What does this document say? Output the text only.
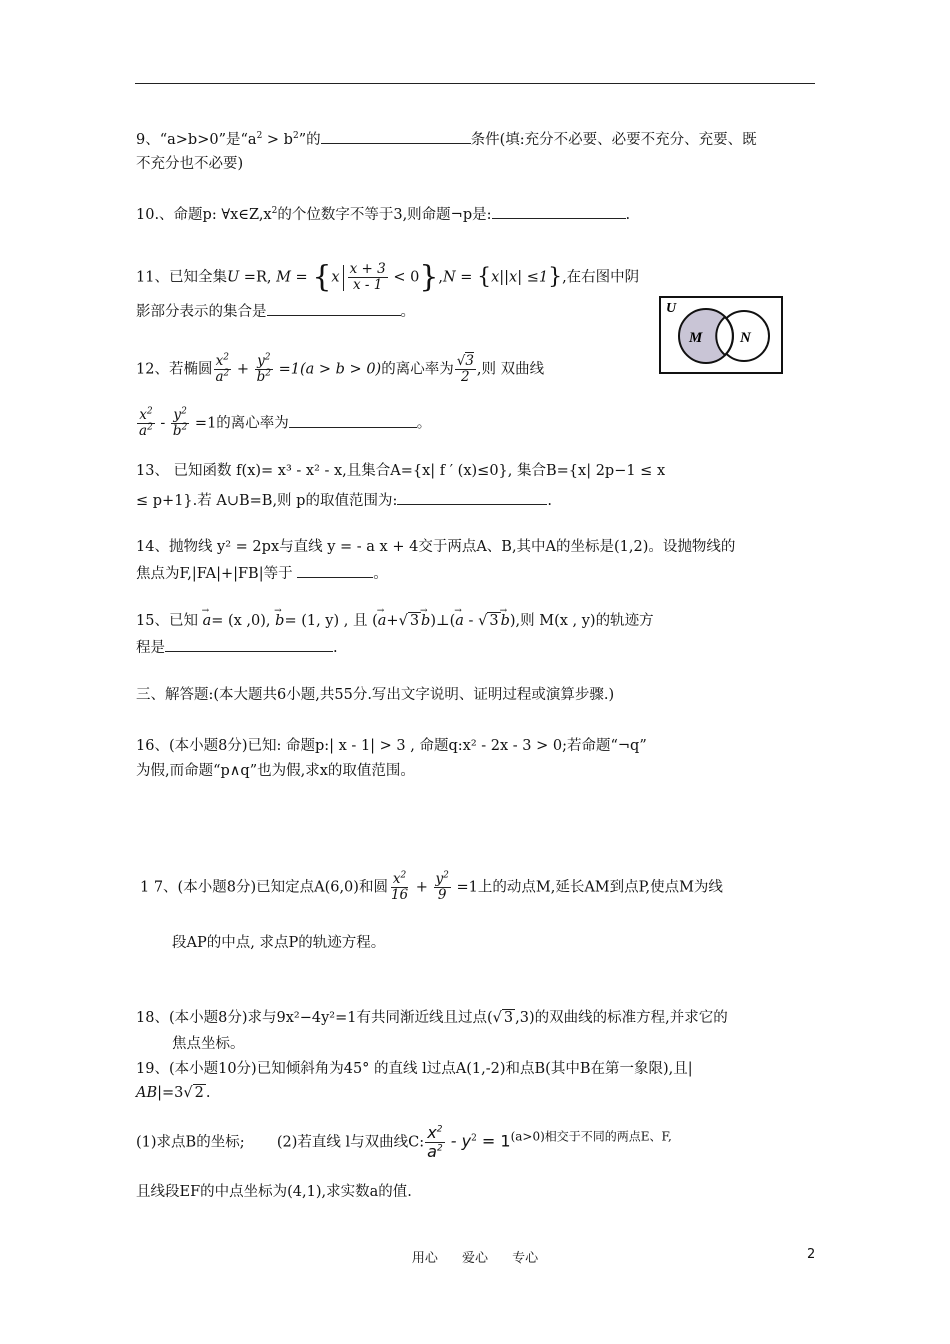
9、“a>b>0”是“$a^2 > b^2$”的	条件(填:充分不必要、必要不充分、充要、既
不充分也不必要)
10.、命题p: $\forall x\in Z,x^2$的个位数字不等于3,则命题¬p是:	.
11、已知全集U =R, $M = \{x \frac{x + 3}{x - 1} < 0\},N = \{x||x| \le 1\}$,在右图中阴
影部分表示的集合是	。	U
M	N
12、若椭圆 $\frac{x^2}{a^2} + \frac{y^2}{b^2} =1(a > b > 0)$的离心率为 $\frac{√3}{2}$ ,则 双曲线
$\frac{x^2}{a^2} - \frac{y^2}{b^2} =1$的离心率为	。
13、 已知函数 f(x)= x³ - x² - x,且集合A={x| f ′ (x)≤0}, 集合B={x| 2p−1 ≤ x
≤ p+1}.若 A∪B=B,则 p的取值范围为:	.
14、抛物线 y² = 2px与直线 y = - a x + 4交于两点A、B,其中A的坐标是(1,2)。设抛物线的
焦点为F,|FA|+|FB|等于	。
15、已知 → a= (x ,0), → b= (1, y) , 且 (→ a+√ 3 → b)⊥(→ a - √ 3 → b),则 M(x , y)的轨迹方
程是	.
三、解答题:(本大题共6小题,共55分.写出文字说明、证明过程或演算步骤.)
16、(本小题8分)已知: 命题p:| x - 1| > 3 , 命题q:x² - 2x - 3 > 0;若命题“¬q”
为假,而命题“p∧q”也为假,求x的取值范围。
1 7、(本小题8分)已知定点A(6,0)和圆 $\frac{x^2}{16} + \frac{y^2}{9} =1$上的动点M,延长AM到点P,使点M为线
段AP的中点, 求点P的轨迹方程。
18、(本小题8分)求与9x²−4y²=1有共同渐近线且过点(√ 3 ,3)的双曲线的标准方程,并求它的
焦点坐标。
19、(本小题10分)已知倾斜角为45° 的直线 l过点A(1,-2)和点B(其中B在第一象限),且|
AB|=3√ 2 .
(1)求点B的坐标; (2)若直线 l与双曲线C: $\frac{x^2}{a^2} - y^2 = 1^{(a>0)相交于不同的两点E、F,}$
且线段EF的中点坐标为(4,1),求实数a的值.
用心 爱心 专心	2
